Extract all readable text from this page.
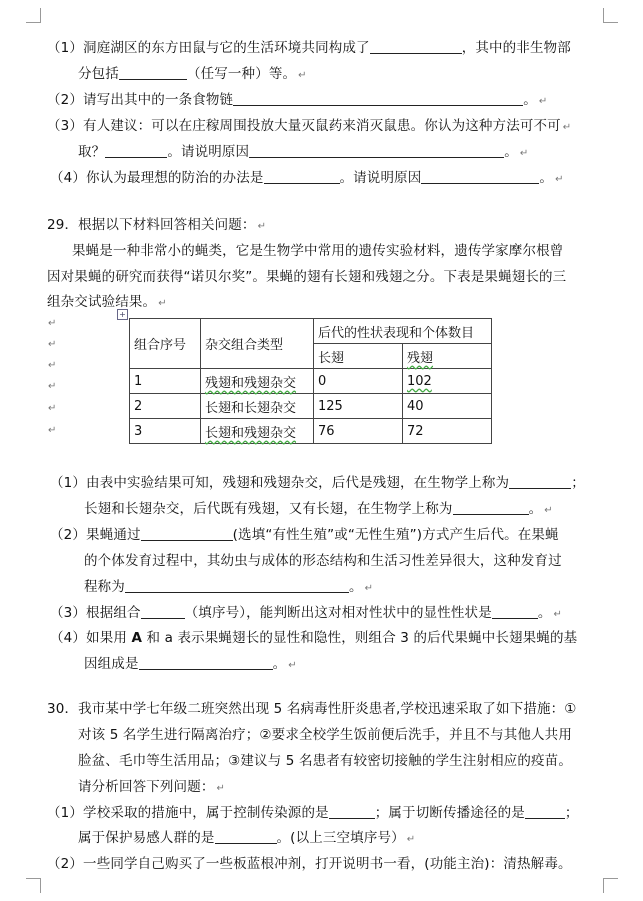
（1）洞庭湖区的东方田鼠与它的生活环境共同构成了	，其中的非生物部
分包括	（任写一种）等。 ↵
（2）请写出其中的一条食物链	。 ↵
（3）有人建议：可以在庄稼周围投放大量灭鼠药来消灭鼠患。你认为这种方法可不可 ↵
取？	。请说明原因	。 ↵
（4）你认为最理想的防治的办法是	。请说明原因	。 ↵
29．根据以下材料回答相关问题： ↵
果蝇是一种非常小的蝇类，它是生物学中常用的遗传实验材料，遗传学家摩尔根曾
因对果蝇的研究而获得“诺贝尔奖”。果蝇的翅有长翅和残翅之分。下表是果蝇翅长的三
组杂交试验结果。 ↵
+
↵
↵
↵
↵
↵
↵
组合序号	杂交组合类型	后代的性状表现和个体数目	
		长翅	残翅
1	残翅和残翅杂交	0	102
2	长翅和长翅杂交	125	40
3	长翅和残翅杂交	76	72
（1）由表中实验结果可知，残翅和残翅杂交，后代是残翅，在生物学上称为	；
长翅和长翅杂交，后代既有残翅，又有长翅，在生物学上称为	。 ↵
（2）果蝇通过	(选填“有性生殖”或“无性生殖”)方式产生后代。在果蝇
的个体发育过程中，其幼虫与成体的形态结构和生活习性差异很大，这种发育过
程称为	。 ↵
（3）根据组合	（填序号），能判断出这对相对性状中的显性性状是	。 ↵
（4）如果用 A 和 a 表示果蝇翅长的显性和隐性，则组合 3 的后代果蝇中长翅果蝇的基
因组成是	。 ↵
30．我市某中学七年级二班突然出现 5 名病毒性肝炎患者,学校迅速采取了如下措施：①
对该 5 名学生进行隔离治疗；②要求全校学生饭前便后洗手，并且不与其他人共用
脸盆、毛巾等生活用品；③建议与 5 名患者有较密切接触的学生注射相应的疫苗。
请分析回答下列问题： ↵
（1）学校采取的措施中，属于控制传染源的是	；属于切断传播途径的是	；
属于保护易感人群的是	。(以上三空填序号） ↵
（2）一些同学自己购买了一些板蓝根冲剂，打开说明书一看，(功能主治)：清热解毒。
